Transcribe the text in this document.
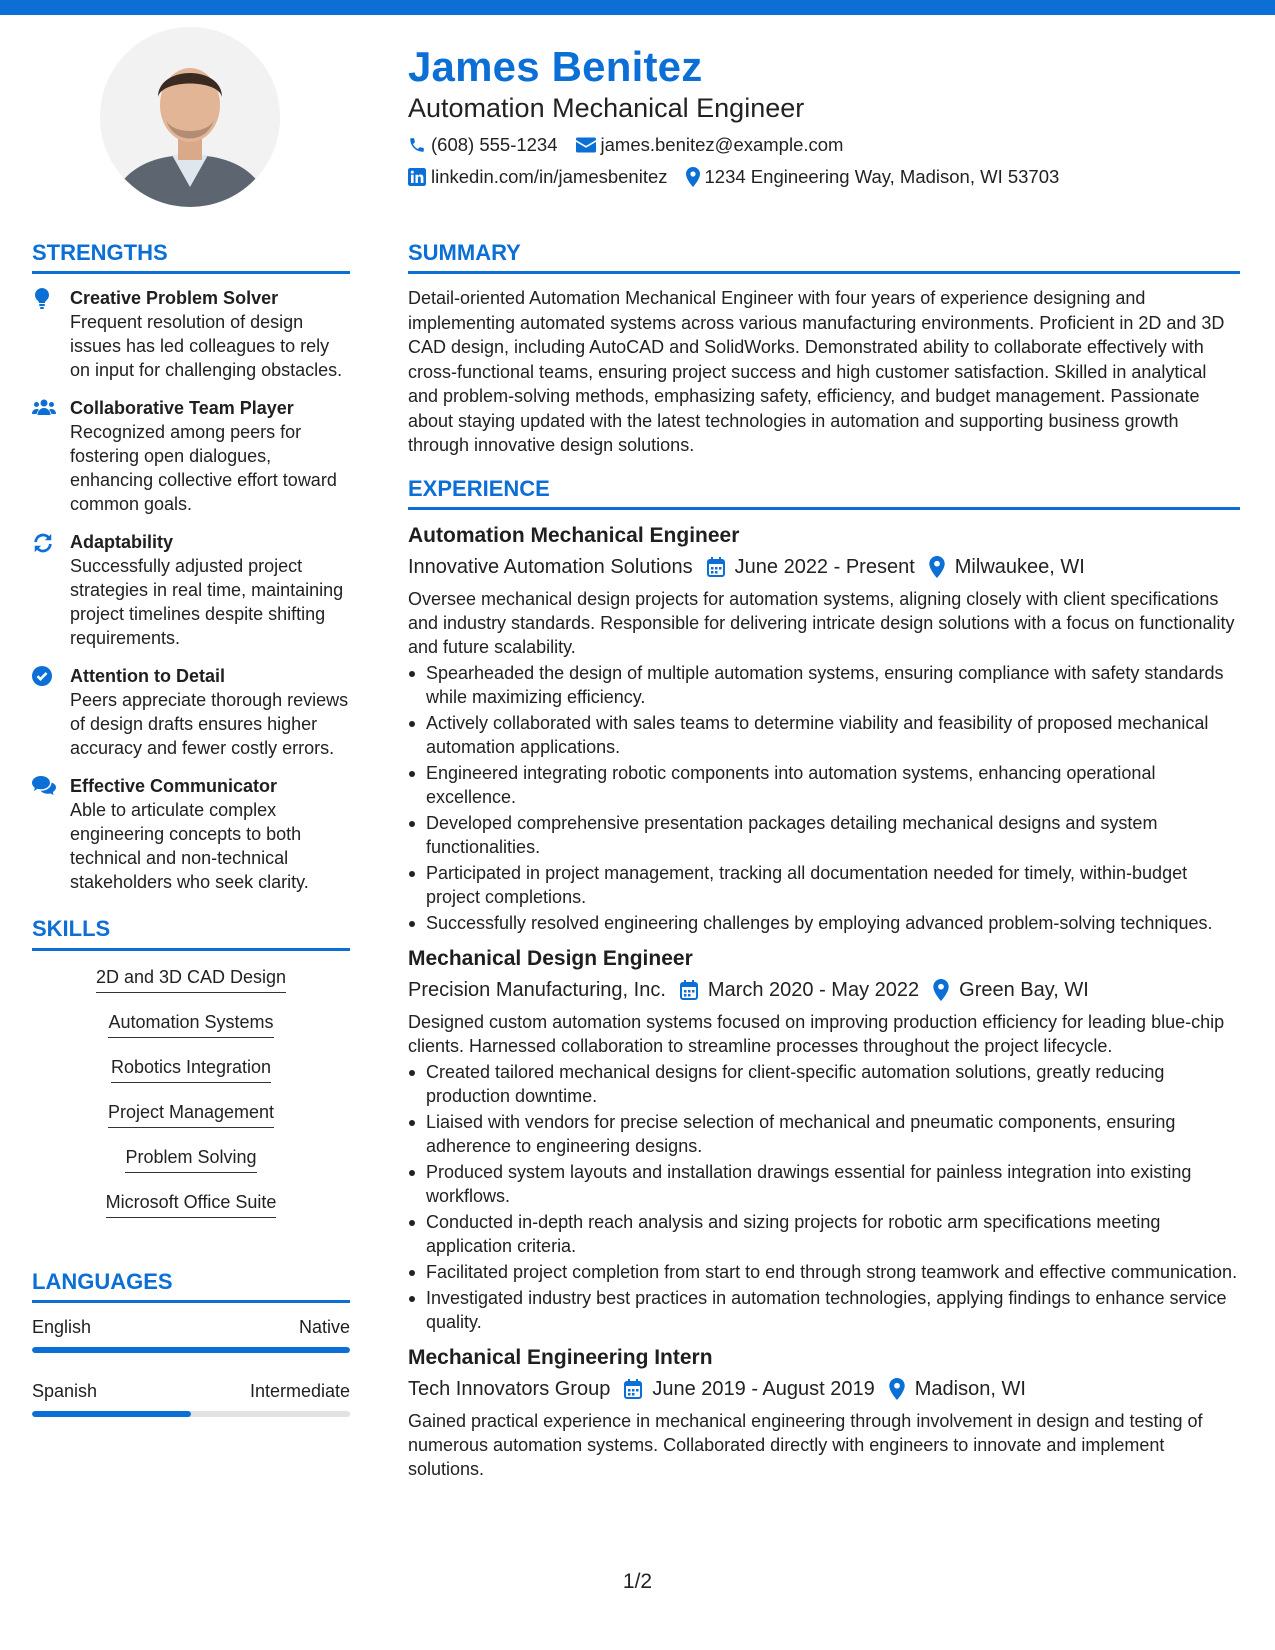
James Benitez
Automation Mechanical Engineer
(608) 555-1234 james.benitez@example.com
linkedin.com/in/jamesbenitez 1234 Engineering Way, Madison, WI 53703
STRENGTHS
Creative Problem Solver
Frequent resolution of design issues has led colleagues to rely on input for challenging obstacles.
Collaborative Team Player
Recognized among peers for fostering open dialogues, enhancing collective effort toward common goals.
Adaptability
Successfully adjusted project strategies in real time, maintaining project timelines despite shifting requirements.
Attention to Detail
Peers appreciate thorough reviews of design drafts ensures higher accuracy and fewer costly errors.
Effective Communicator
Able to articulate complex engineering concepts to both technical and non-technical stakeholders who seek clarity.
SKILLS
2D and 3D CAD Design
Automation Systems
Robotics Integration
Project Management
Problem Solving
Microsoft Office Suite
LANGUAGES
English	Native
Spanish	Intermediate
SUMMARY
Detail-oriented Automation Mechanical Engineer with four years of experience designing and implementing automated systems across various manufacturing environments. Proficient in 2D and 3D CAD design, including AutoCAD and SolidWorks. Demonstrated ability to collaborate effectively with cross-functional teams, ensuring project success and high customer satisfaction. Skilled in analytical and problem-solving methods, emphasizing safety, efficiency, and budget management. Passionate about staying updated with the latest technologies in automation and supporting business growth through innovative design solutions.
EXPERIENCE
Automation Mechanical Engineer
Innovative Automation Solutions June 2022 - Present Milwaukee, WI
Oversee mechanical design projects for automation systems, aligning closely with client specifications and industry standards. Responsible for delivering intricate design solutions with a focus on functionality and future scalability.
Spearheaded the design of multiple automation systems, ensuring compliance with safety standards while maximizing efficiency.
Actively collaborated with sales teams to determine viability and feasibility of proposed mechanical automation applications.
Engineered integrating robotic components into automation systems, enhancing operational excellence.
Developed comprehensive presentation packages detailing mechanical designs and system functionalities.
Participated in project management, tracking all documentation needed for timely, within-budget project completions.
Successfully resolved engineering challenges by employing advanced problem-solving techniques.
Mechanical Design Engineer
Precision Manufacturing, Inc. March 2020 - May 2022 Green Bay, WI
Designed custom automation systems focused on improving production efficiency for leading blue-chip clients. Harnessed collaboration to streamline processes throughout the project lifecycle.
Created tailored mechanical designs for client-specific automation solutions, greatly reducing production downtime.
Liaised with vendors for precise selection of mechanical and pneumatic components, ensuring adherence to engineering designs.
Produced system layouts and installation drawings essential for painless integration into existing workflows.
Conducted in-depth reach analysis and sizing projects for robotic arm specifications meeting application criteria.
Facilitated project completion from start to end through strong teamwork and effective communication.
Investigated industry best practices in automation technologies, applying findings to enhance service quality.
Mechanical Engineering Intern
Tech Innovators Group June 2019 - August 2019 Madison, WI
Gained practical experience in mechanical engineering through involvement in design and testing of numerous automation systems. Collaborated directly with engineers to innovate and implement solutions.
1/2
